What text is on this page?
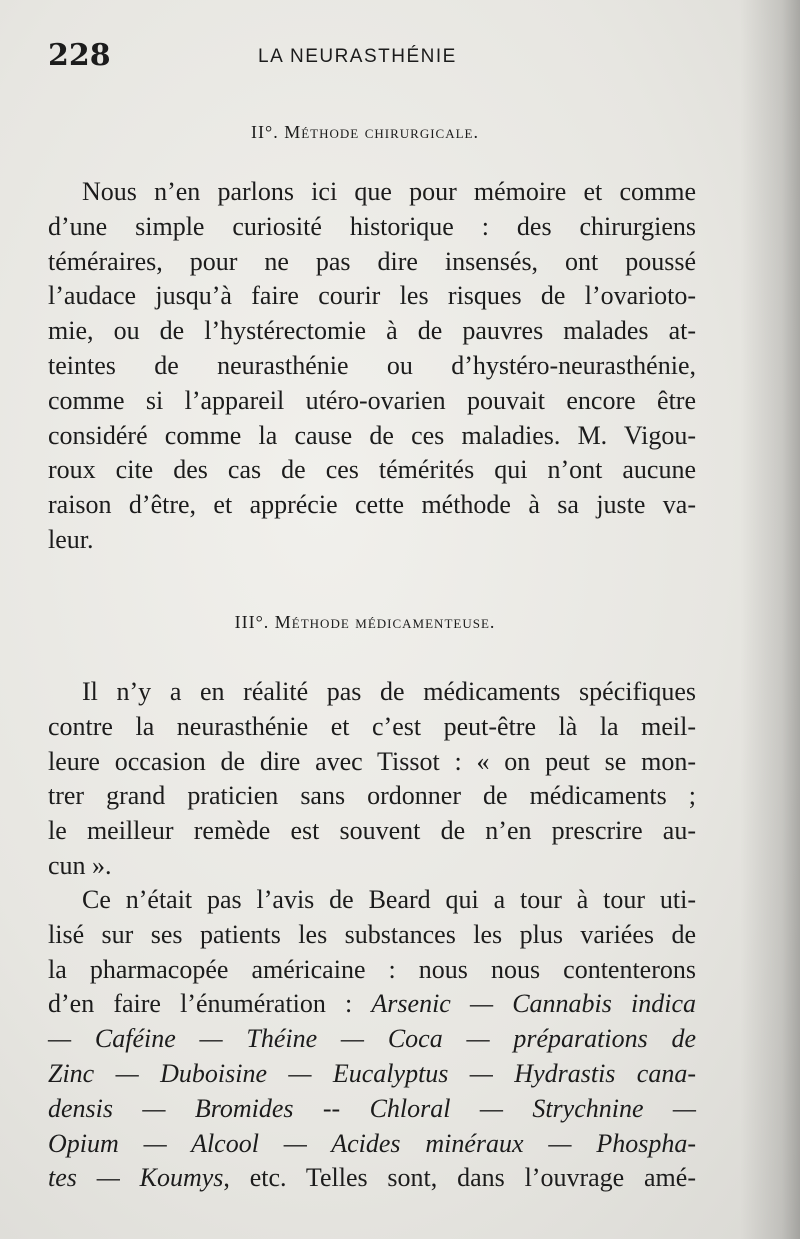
228	LA NEURASTHÉNIE
II°. Méthode chirurgicale.
Nous n’en parlons ici que pour mémoire et comme
d’une simple curiosité historique : des chirurgiens
téméraires, pour ne pas dire insensés, ont poussé
l’audace jusqu’à faire courir les risques de l’ovarioto-
mie, ou de l’hystérectomie à de pauvres malades at-
teintes de neurasthénie ou d’hystéro-neurasthénie,
comme si l’appareil utéro-ovarien pouvait encore être
considéré comme la cause de ces maladies. M. Vigou-
roux cite des cas de ces témérités qui n’ont aucune
raison d’être, et apprécie cette méthode à sa juste va-
leur.
III°. Méthode médicamenteuse.
Il n’y a en réalité pas de médicaments spécifiques
contre la neurasthénie et c’est peut-être là la meil-
leure occasion de dire avec Tissot : « on peut se mon-
trer grand praticien sans ordonner de médicaments ;
le meilleur remède est souvent de n’en prescrire au-
cun ».
Ce n’était pas l’avis de Beard qui a tour à tour uti-
lisé sur ses patients les substances les plus variées de
la pharmacopée américaine : nous nous contenterons
d’en faire l’énumération : Arsenic — Cannabis indica
— Caféine — Théine — Coca — préparations de
Zinc — Duboisine — Eucalyptus — Hydrastis cana-
densis — Bromides -- Chloral — Strychnine —
Opium — Alcool — Acides minéraux — Phospha-
tes — Koumys, etc. Telles sont, dans l’ouvrage amé-
